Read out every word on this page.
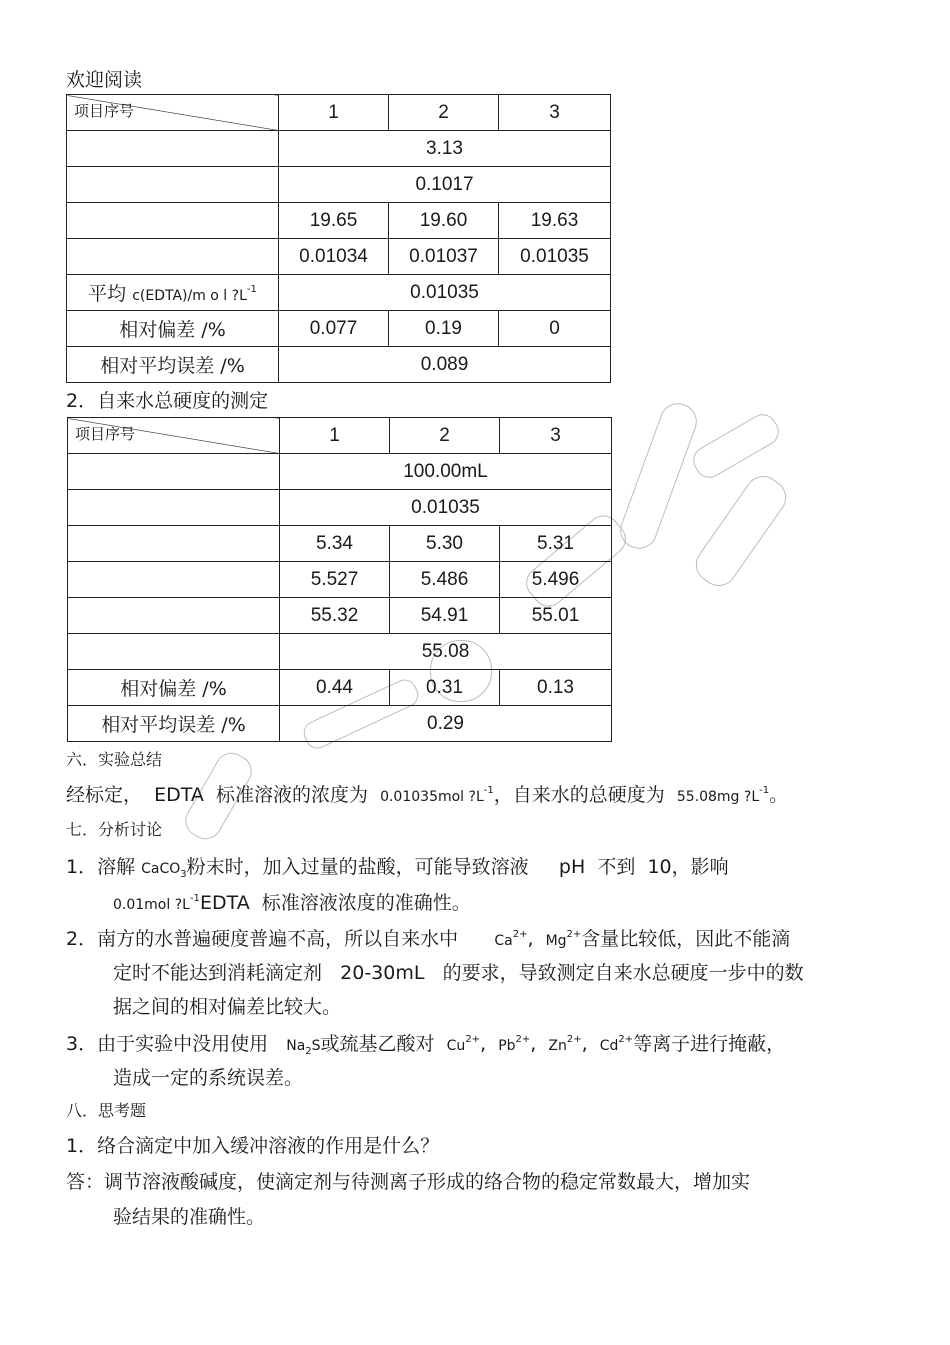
欢迎阅读
项目序号	1	2	3
	3.13		
	0.1017		
	19.65	19.60	19.63
	0.01034	0.01037	0.01035
平均 c(EDTA)/m o l $?L^{-1}$	0.01035		
相对偏差 /%	0.077	0.19	0
相对平均误差 /%	0.089		
2．自来水总硬度的测定
项目序号	1	2	3
	100.00mL		
	0.01035		
	5.34	5.30	5.31
	5.527	5.486	5.496
	55.32	54.91	55.01
	55.08		
相对偏差 /%	0.44	0.31	0.13
相对平均误差 /%	0.29		
六．实验总结
经标定， EDTA 标准溶液的浓度为 0.01035mol $?L^{-1}$，自来水的总硬度为 55.08mg $?L^{-1}$。
七．分析讨论
1．溶解 CaCO$_3$粉末时，加入过量的盐酸，可能导致溶液 pH 不到 10，影响
0.01mol $?L^{-1}EDTA$ 标准溶液浓度的准确性。
2．南方的水普遍硬度普遍不高，所以自来水中	$Ca^{2+}$,  $Mg^{2+}$含量比较低，因此不能滴
定时不能达到消耗滴定剂 20-30mL 的要求，导致测定自来水总硬度一步中的数
据之间的相对偏差比较大。
3．由于实验中没用使用 $Na_2S$或巯基乙酸对 $Cu^{2+}$,  $Pb^{2+}$,  $Zn^{2+}$,  $Cd^{2+}$等离子进行掩蔽，
造成一定的系统误差。
八．思考题
1．络合滴定中加入缓冲溶液的作用是什么？
答：调节溶液酸碱度，使滴定剂与待测离子形成的络合物的稳定常数最大，增加实
验结果的准确性。
